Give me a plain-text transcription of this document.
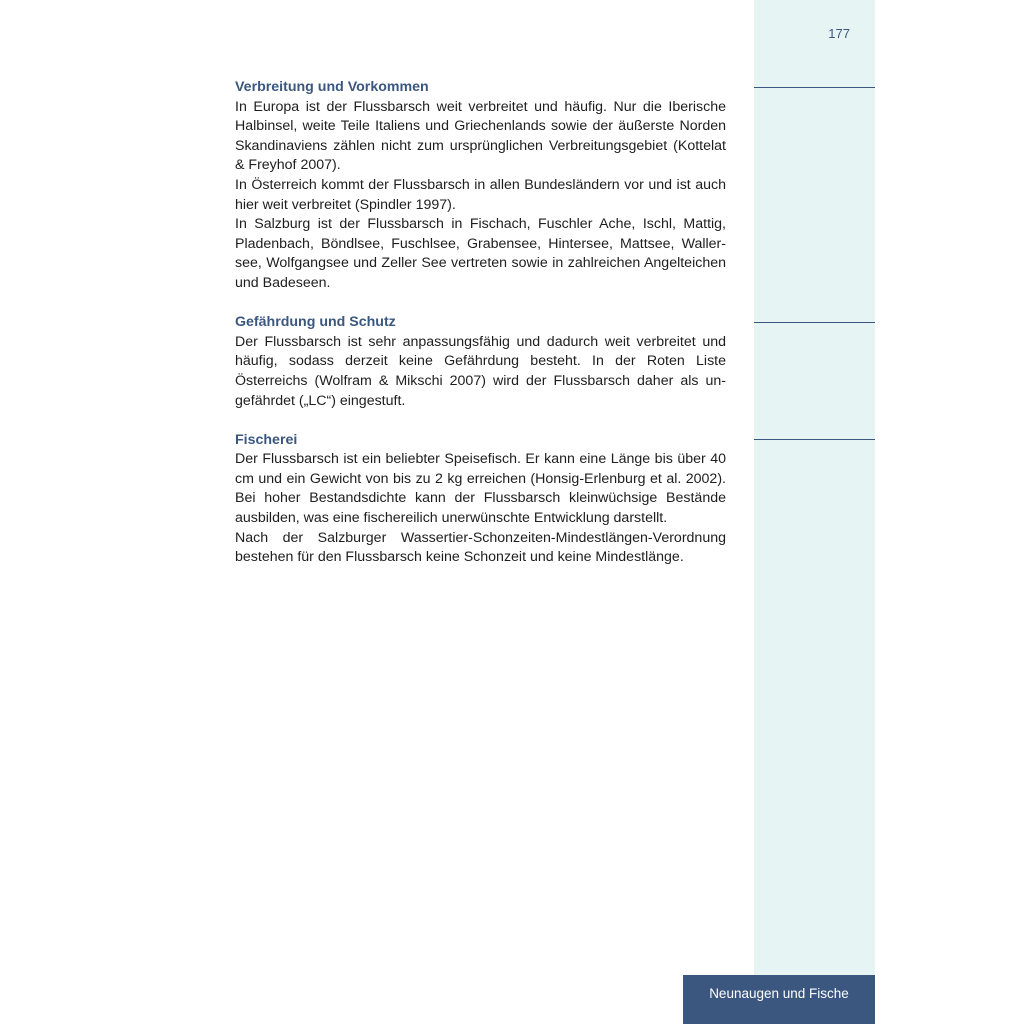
177
Verbreitung und Vorkommen

In Europa ist der Flussbarsch weit verbreitet und häufig. Nur die Iberische Halbinsel, weite Teile Italiens und Griechenlands sowie der äußerste Norden Skandinaviens zählen nicht zum ursprünglichen Verbreitungsgebiet (Kottelat & Freyhof 2007).

In Österreich kommt der Flussbarsch in allen Bundesländern vor und ist auch hier weit verbreitet (Spindler 1997).

In Salzburg ist der Flussbarsch in Fischach, Fuschler Ache, Ischl, Mattig, Pladenbach, Böndlsee, Fuschlsee, Grabensee, Hintersee, Mattsee, Wallersee, Wolfgangsee und Zeller See vertreten sowie in zahlreichen Angelteichen und Badeseen.

Gefährdung und Schutz

Der Flussbarsch ist sehr anpassungsfähig und dadurch weit verbreitet und häufig, sodass derzeit keine Gefährdung besteht. In der Roten Liste Österreichs (Wolfram & Mikschi 2007) wird der Flussbarsch daher als ungefährdet („LC“) eingestuft.

Fischerei

Der Flussbarsch ist ein beliebter Speisefisch. Er kann eine Länge bis über 40 cm und ein Gewicht von bis zu 2 kg erreichen (Honsig-Erlenburg et al. 2002). Bei hoher Bestandsdichte kann der Flussbarsch kleinwüchsige Bestände ausbilden, was eine fischereilich unerwünschte Entwicklung darstellt.

Nach der Salzburger Wassertier-Schonzeiten-Mindestlängen-Verordnung bestehen für den Flussbarsch keine Schonzeit und keine Mindestlänge.

Neunaugen und Fische
